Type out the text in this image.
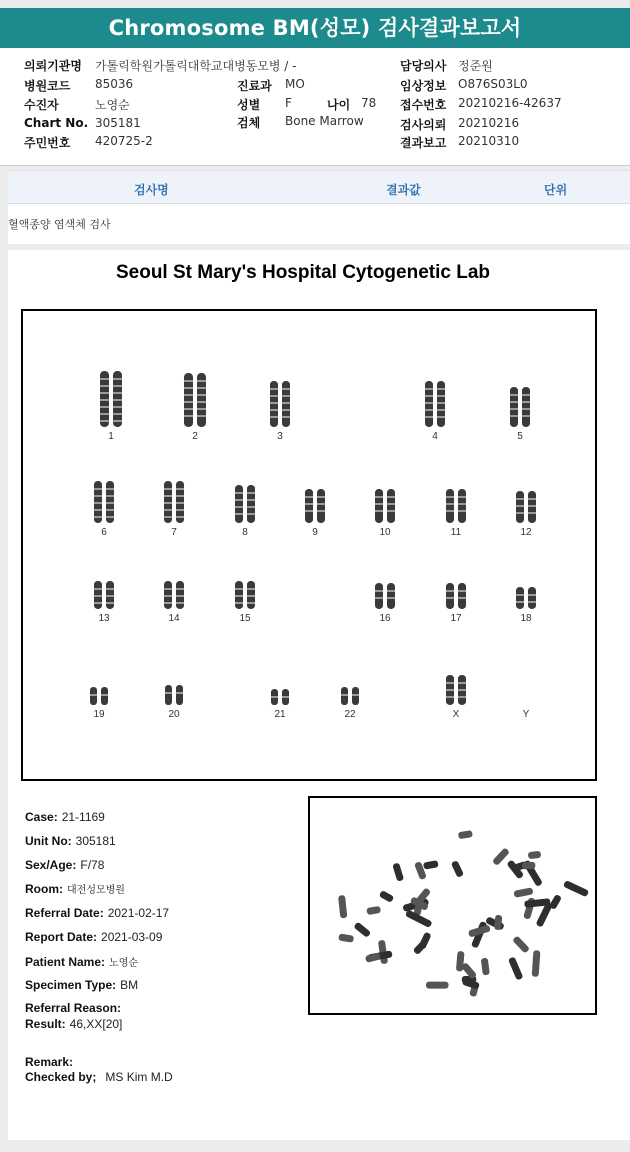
Chromosome BM(성모) 검사결과보고서
의뢰기관명 가톨릭학원가톨릭대학교대병동모병 / -
병원코드 85036
수진자	노영순
Chart No. 305181
주민번호 420725-2
진료과 MO
성별 F	나이 78
검체 Bone Marrow
담당의사 정준원
임상정보 O876S03L0
접수번호 20210216-42637
검사의뢰 20210216
결과보고 20210310
검사명	결과값	단위
혈액종양 염색체 검사
Seoul St Mary's Hospital Cytogenetic Lab
1	2	3	4	5
6	7	8	9	10	11	12
13	14	15	16	17	18
19	20	21	22	X	Y
Case: 21-1169
Unit No: 305181
Sex/Age: F/78
Room: 대전성모병원
Referral Date: 2021-02-17
Report Date: 2021-03-09
Patient Name: 노영순
Specimen Type: BM
Referral Reason:
Result: 46,XX[20]
Remark:
Checked by; MS Kim M.D
